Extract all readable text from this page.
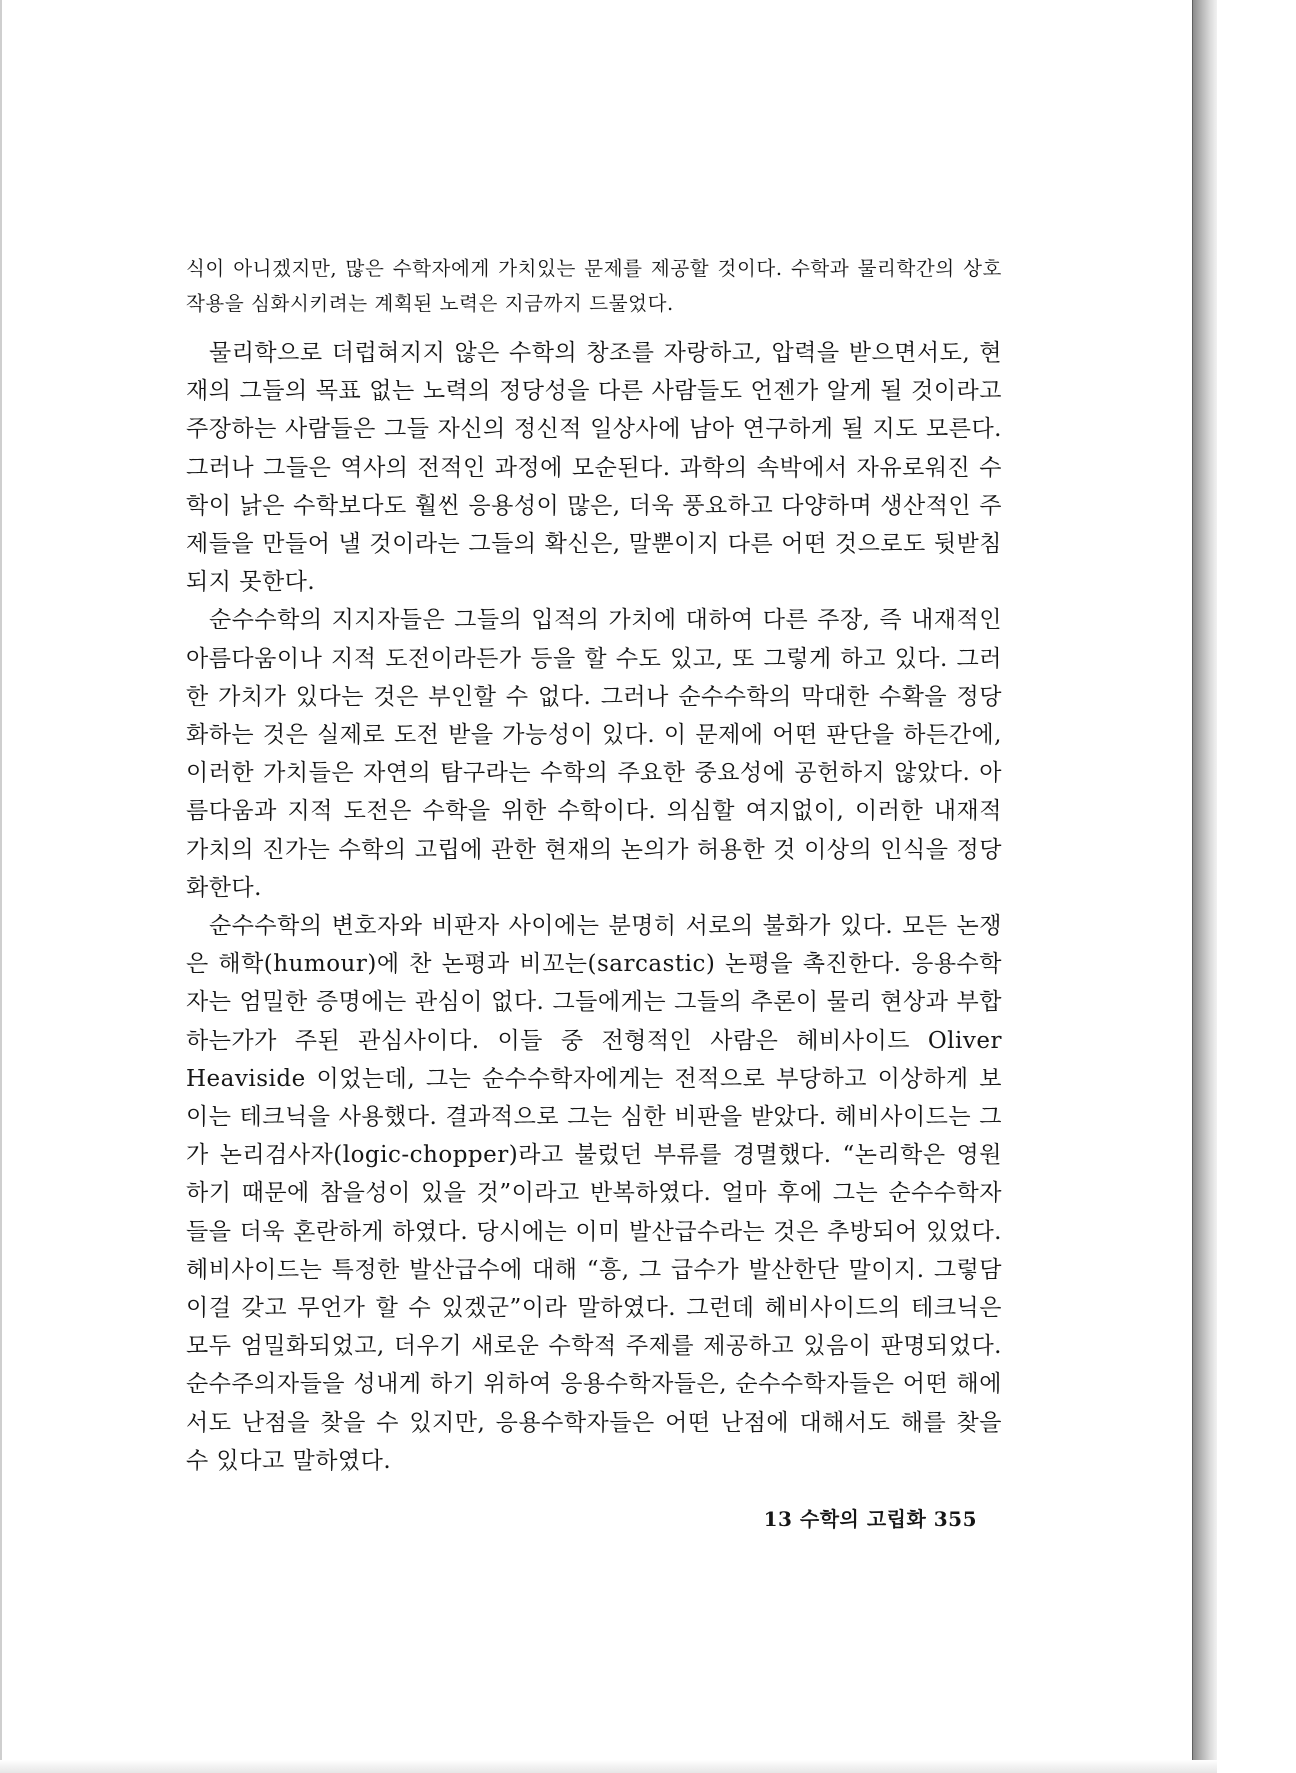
식이 아니겠지만, 많은 수학자에게 가치있는 문제를 제공할 것이다. 수학과 물리학간의 상호 작용을 심화시키려는 계획된 노력은 지금까지 드물었다.

물리학으로 더럽혀지지 않은 수학의 창조를 자랑하고, 압력을 받으면서도, 현재의 그들의 목표 없는 노력의 정당성을 다른 사람들도 언젠가 알게 될 것이라고 주장하는 사람들은 그들 자신의 정신적 일상사에 남아 연구하게 될 지도 모른다. 그러나 그들은 역사의 전적인 과정에 모순된다. 과학의 속박에서 자유로워진 수학이 낡은 수학보다도 훨씬 응용성이 많은, 더욱 풍요하고 다양하며 생산적인 주제들을 만들어 낼 것이라는 그들의 확신은, 말뿐이지 다른 어떤 것으로도 뒷받침되지 못한다.

순수수학의 지지자들은 그들의 입적의 가치에 대하여 다른 주장, 즉 내재적인 아름다움이나 지적 도전이라든가 등을 할 수도 있고, 또 그렇게 하고 있다. 그러한 가치가 있다는 것은 부인할 수 없다. 그러나 순수수학의 막대한 수확을 정당화하는 것은 실제로 도전 받을 가능성이 있다. 이 문제에 어떤 판단을 하든간에, 이러한 가치들은 자연의 탐구라는 수학의 주요한 중요성에 공헌하지 않았다. 아름다움과 지적 도전은 수학을 위한 수학이다. 의심할 여지없이, 이러한 내재적 가치의 진가는 수학의 고립에 관한 현재의 논의가 허용한 것 이상의 인식을 정당화한다.

순수수학의 변호자와 비판자 사이에는 분명히 서로의 불화가 있다. 모든 논쟁은 해학(humour)에 찬 논평과 비꼬는(sarcastic) 논평을 촉진한다. 응용수학자는 엄밀한 증명에는 관심이 없다. 그들에게는 그들의 추론이 물리 현상과 부합하는가가 주된 관심사이다. 이들 중 전형적인 사람은 헤비사이드 Oliver Heaviside 이었는데, 그는 순수수학자에게는 전적으로 부당하고 이상하게 보이는 테크닉을 사용했다. 결과적으로 그는 심한 비판을 받았다. 헤비사이드는 그가 논리검사자(logic-chopper)라고 불렀던 부류를 경멸했다. “논리학은 영원하기 때문에 참을성이 있을 것”이라고 반복하였다. 얼마 후에 그는 순수수학자들을 더욱 혼란하게 하였다. 당시에는 이미 발산급수라는 것은 추방되어 있었다. 헤비사이드는 특정한 발산급수에 대해 “흥, 그 급수가 발산한단 말이지. 그렇담 이걸 갖고 무언가 할 수 있겠군”이라 말하였다. 그런데 헤비사이드의 테크닉은 모두 엄밀화되었고, 더우기 새로운 수학적 주제를 제공하고 있음이 판명되었다. 순수주의자들을 성내게 하기 위하여 응용수학자들은, 순수수학자들은 어떤 해에서도 난점을 찾을 수 있지만, 응용수학자들은 어떤 난점에 대해서도 해를 찾을 수 있다고 말하였다.

13 수학의 고립화 355
